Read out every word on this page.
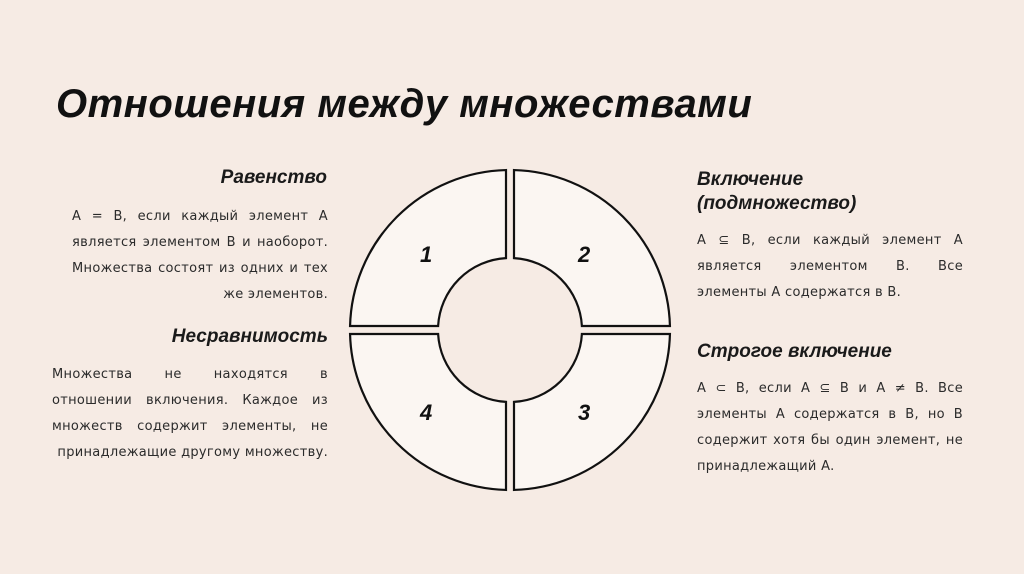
Отношения между множествами
Равенство
A = B, если каждый элемент A является элементом B и наоборот. Множества состоят из одних и тех же элементов.
Несравнимость
Множества не находятся в отношении включения. Каждое из множеств содержит элементы, не принадлежащие другому множеству.
Включение (подмножество)
A ⊆ B, если каждый элемент A является элементом B. Все элементы A содержатся в B.
Строгое включение
A ⊂ B, если A ⊆ B и A ≠ B. Все элементы A содержатся в B, но B содержит хотя бы один элемент, не принадлежащий A.
1	2
3
4
